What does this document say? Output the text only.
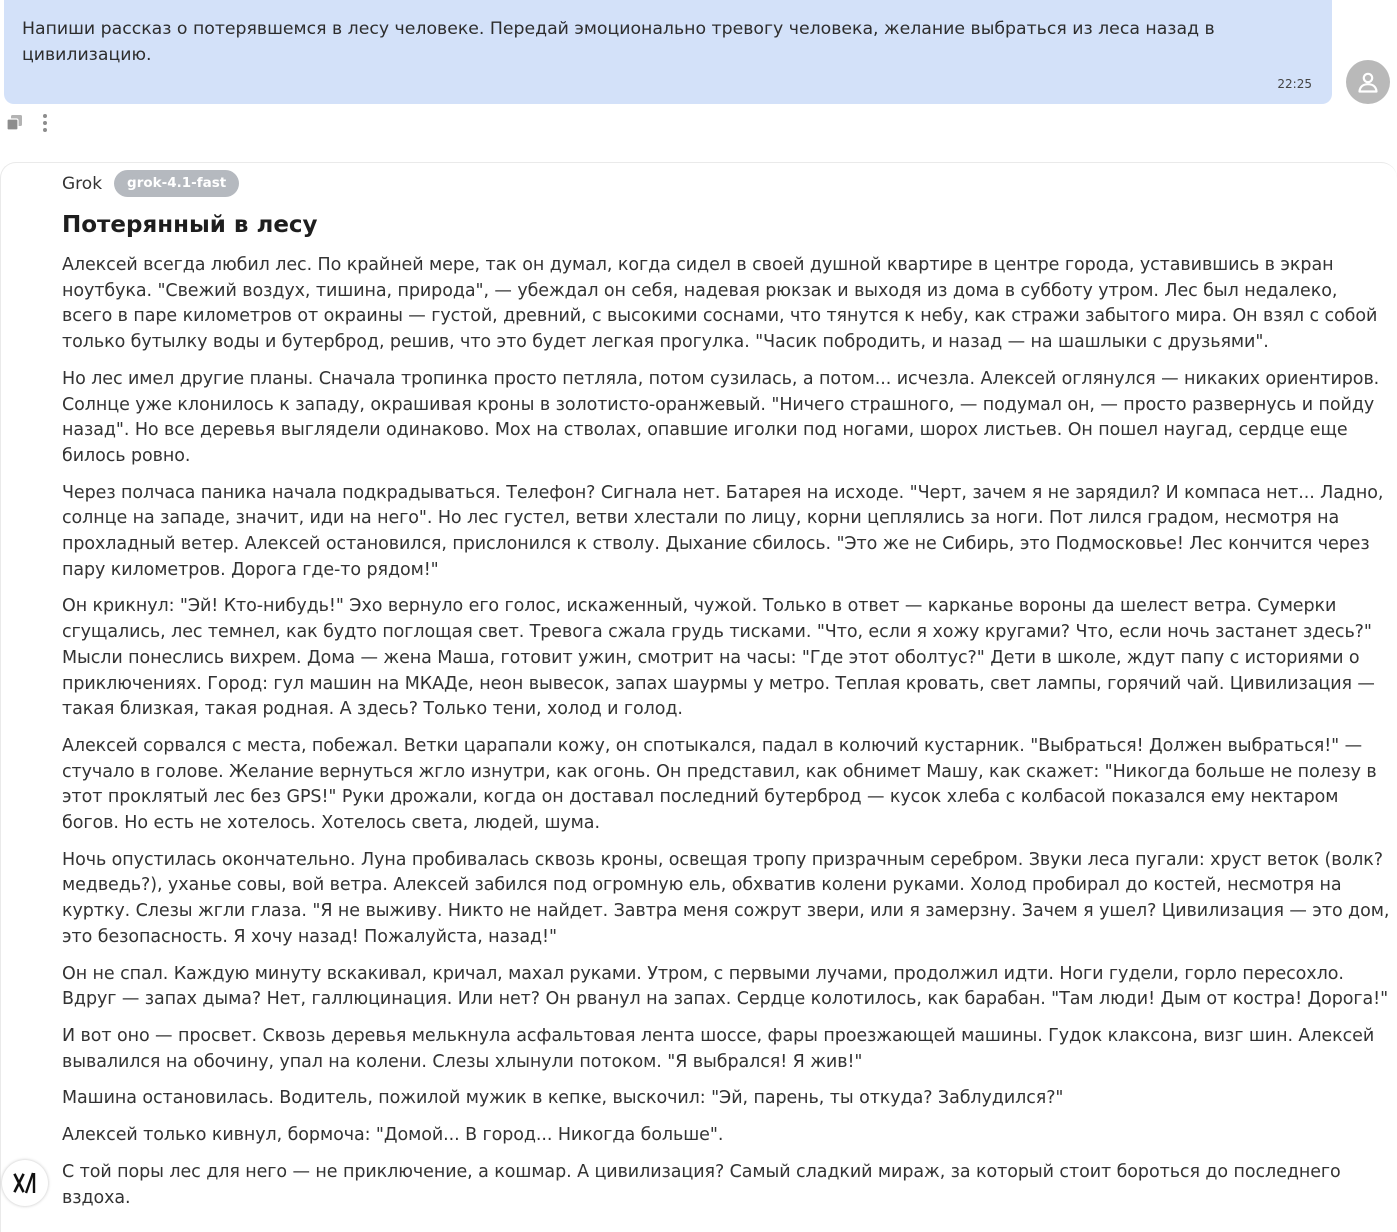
Напиши рассказ о потерявшемся в лесу человеке. Передай эмоционально тревогу человека, желание выбраться из леса назад в цивилизацию.

22:25
Grok	grok-4.1-fast
Потерянный в лесу

Алексей всегда любил лес. По крайней мере, так он думал, когда сидел в своей душной квартире в центре города, уставившись в экран ноутбука. "Свежий воздух, тишина, природа", — убеждал он себя, надевая рюкзак и выходя из дома в субботу утром. Лес был недалеко, всего в паре километров от окраины — густой, древний, с высокими соснами, что тянутся к небу, как стражи забытого мира. Он взял с собой только бутылку воды и бутерброд, решив, что это будет легкая прогулка. "Часик побродить, и назад — на шашлыки с друзьями".

Но лес имел другие планы. Сначала тропинка просто петляла, потом сузилась, а потом... исчезла. Алексей оглянулся — никаких ориентиров. Солнце уже клонилось к западу, окрашивая кроны в золотисто-оранжевый. "Ничего страшного, — подумал он, — просто развернусь и пойду назад". Но все деревья выглядели одинаково. Мох на стволах, опавшие иголки под ногами, шорох листьев. Он пошел наугад, сердце еще билось ровно.

Через полчаса паника начала подкрадываться. Телефон? Сигнала нет. Батарея на исходе. "Черт, зачем я не зарядил? И компаса нет... Ладно, солнце на западе, значит, иди на него". Но лес густел, ветви хлестали по лицу, корни цеплялись за ноги. Пот лился градом, несмотря на прохладный ветер. Алексей остановился, прислонился к стволу. Дыхание сбилось. "Это же не Сибирь, это Подмосковье! Лес кончится через пару километров. Дорога где-то рядом!"

Он крикнул: "Эй! Кто-нибудь!" Эхо вернуло его голос, искаженный, чужой. Только в ответ — карканье вороны да шелест ветра. Сумерки сгущались, лес темнел, как будто поглощая свет. Тревога сжала грудь тисками. "Что, если я хожу кругами? Что, если ночь застанет здесь?" Мысли понеслись вихрем. Дома — жена Маша, готовит ужин, смотрит на часы: "Где этот оболтус?" Дети в школе, ждут папу с историями о приключениях. Город: гул машин на МКАДе, неон вывесок, запах шаурмы у метро. Теплая кровать, свет лампы, горячий чай. Цивилизация — такая близкая, такая родная. А здесь? Только тени, холод и голод.

Алексей сорвался с места, побежал. Ветки царапали кожу, он спотыкался, падал в колючий кустарник. "Выбраться! Должен выбраться!" — стучало в голове. Желание вернуться жгло изнутри, как огонь. Он представил, как обнимет Машу, как скажет: "Никогда больше не полезу в этот проклятый лес без GPS!" Руки дрожали, когда он доставал последний бутерброд — кусок хлеба с колбасой показался ему нектаром богов. Но есть не хотелось. Хотелось света, людей, шума.

Ночь опустилась окончательно. Луна пробивалась сквозь кроны, освещая тропу призрачным серебром. Звуки леса пугали: хруст веток (волк? медведь?), уханье совы, вой ветра. Алексей забился под огромную ель, обхватив колени руками. Холод пробирал до костей, несмотря на куртку. Слезы жгли глаза. "Я не выживу. Никто не найдет. Завтра меня сожрут звери, или я замерзну. Зачем я ушел? Цивилизация — это дом, это безопасность. Я хочу назад! Пожалуйста, назад!"

Он не спал. Каждую минуту вскакивал, кричал, махал руками. Утром, с первыми лучами, продолжил идти. Ноги гудели, горло пересохло. Вдруг — запах дыма? Нет, галлюцинация. Или нет? Он рванул на запах. Сердце колотилось, как барабан. "Там люди! Дым от костра! Дорога!"

И вот оно — просвет. Сквозь деревья мелькнула асфальтовая лента шоссе, фары проезжающей машины. Гудок клаксона, визг шин. Алексей вывалился на обочину, упал на колени. Слезы хлынули потоком. "Я выбрался! Я жив!"

Машина остановилась. Водитель, пожилой мужик в кепке, выскочил: "Эй, парень, ты откуда? Заблудился?"

Алексей только кивнул, бормоча: "Домой... В город... Никогда больше".

С той поры лес для него — не приключение, а кошмар. А цивилизация? Самый сладкий мираж, за который стоит бороться до последнего вздоха.
